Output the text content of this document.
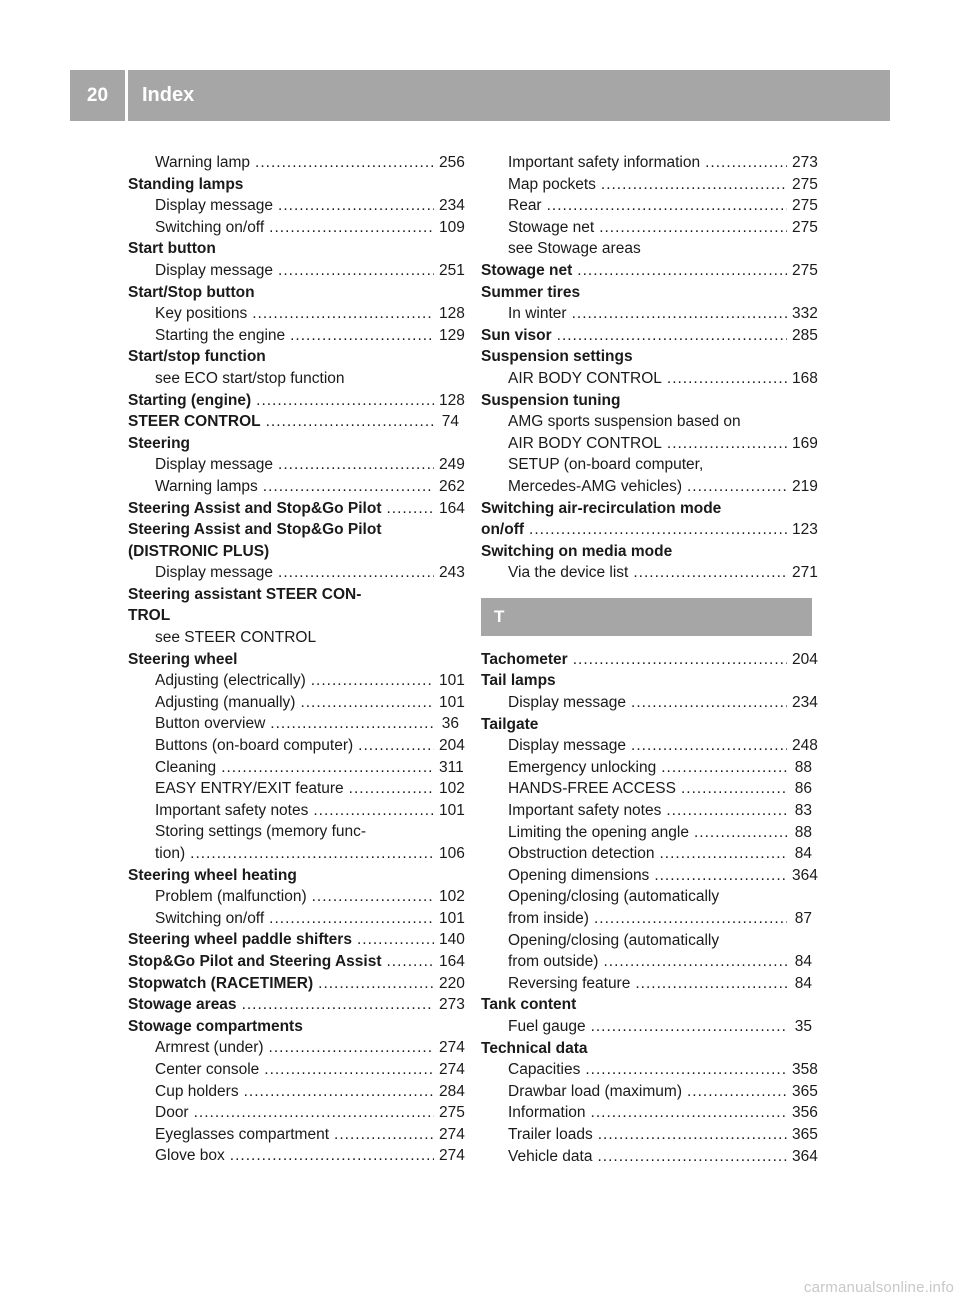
20	Index
Warning lamp .....	256
Standing lamps
Display message .....	234
Switching on/off .....	109
Start button
Display message .....	251
Start/Stop button
Key positions .....	128
Starting the engine .....	129
Start/stop function
see ECO start/stop function
Starting (engine) .....	128
STEER CONTROL .....	74
Steering
Display message .....	249
Warning lamps .....	262
Steering Assist and Stop&Go Pilot .....	164
Steering Assist and Stop&Go Pilot
(DISTRONIC PLUS)
Display message .....	243
Steering assistant STEER CON-
TROL
see STEER CONTROL
Steering wheel
Adjusting (electrically) .....	101
Adjusting (manually) .....	101
Button overview .....	36
Buttons (on-board computer) .....	204
Cleaning .....	311
EASY ENTRY/EXIT feature .....	102
Important safety notes .....	101
Storing settings (memory func-
tion) .....	106
Steering wheel heating
Problem (malfunction) .....	102
Switching on/off .....	101
Steering wheel paddle shifters .....	140
Stop&Go Pilot and Steering Assist .....	164
Stopwatch (RACETIMER) .....	220
Stowage areas .....	273
Stowage compartments
Armrest (under) .....	274
Center console .....	274
Cup holders .....	284
Door .....	275
Eyeglasses compartment .....	274
Glove box .....	274
Important safety information .....	273
Map pockets .....	275
Rear .....	275
Stowage net .....	275
see Stowage areas
Stowage net .....	275
Summer tires
In winter .....	332
Sun visor .....	285
Suspension settings
AIR BODY CONTROL .....	168
Suspension tuning
AMG sports suspension based on
AIR BODY CONTROL .....	169
SETUP (on-board computer,
Mercedes-AMG vehicles) .....	219
Switching air-recirculation mode
on/off .....	123
Switching on media mode
Via the device list .....	271
T
Tachometer .....	204
Tail lamps
Display message .....	234
Tailgate
Display message .....	248
Emergency unlocking .....	88
HANDS-FREE ACCESS .....	86
Important safety notes .....	83
Limiting the opening angle .....	88
Obstruction detection .....	84
Opening dimensions .....	364
Opening/closing (automatically
from inside) .....	87
Opening/closing (automatically
from outside) .....	84
Reversing feature .....	84
Tank content
Fuel gauge .....	35
Technical data
Capacities .....	358
Drawbar load (maximum) .....	365
Information .....	356
Trailer loads .....	365
Vehicle data .....	364
carmanualsonline.info
